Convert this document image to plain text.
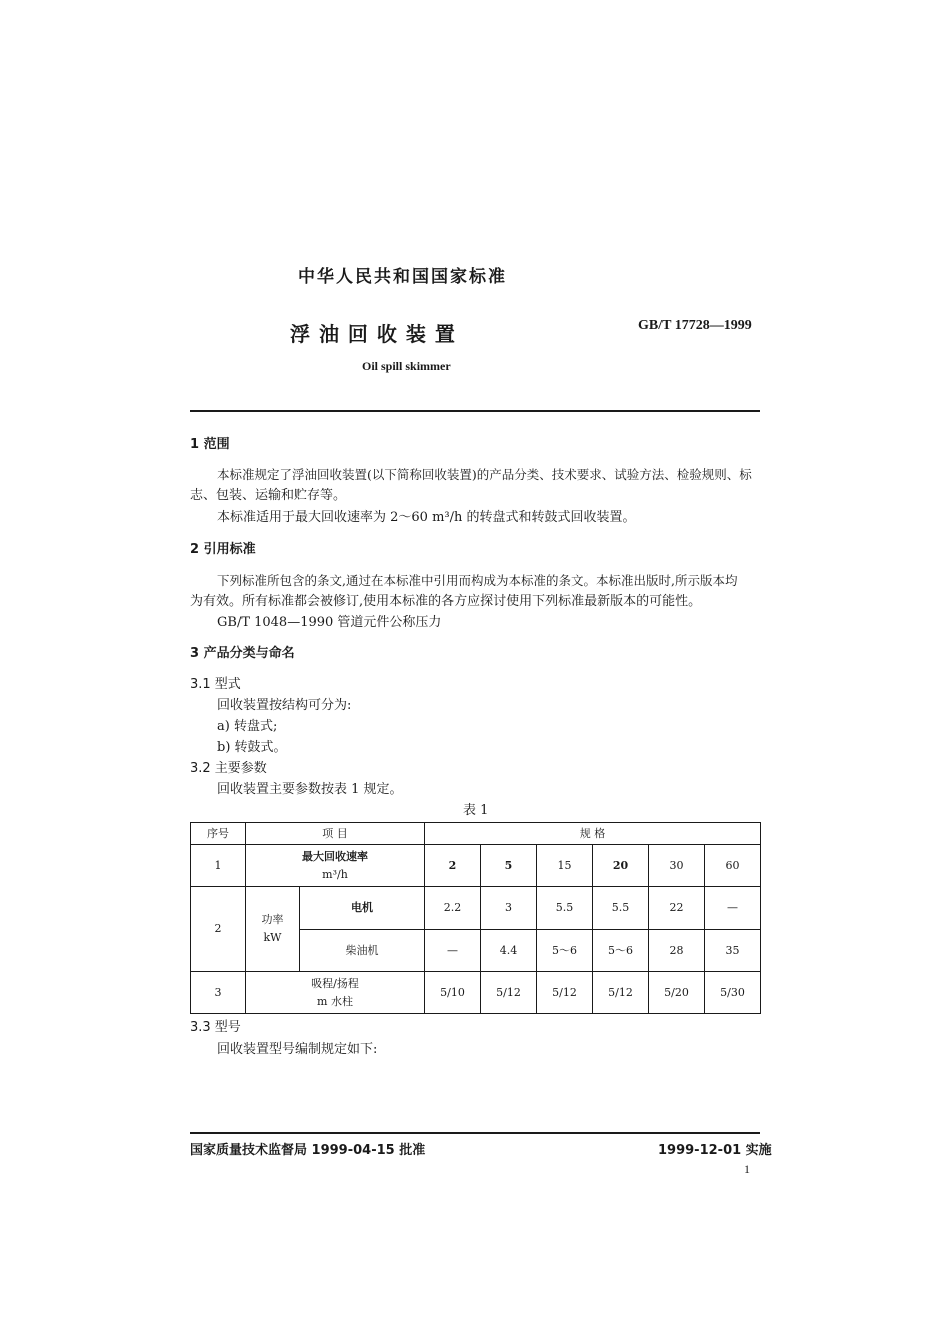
中华人民共和国国家标准
浮 油 回 收 装 置	GB/T 17728—1999
Oil spill skimmer
1 范围
本标准规定了浮油回收装置(以下简称回收装置)的产品分类、技术要求、试验方法、检验规则、标
志、包装、运输和贮存等。
本标准适用于最大回收速率为 2～60 m³/h 的转盘式和转鼓式回收装置。
2 引用标准
下列标准所包含的条文,通过在本标准中引用而构成为本标准的条文。本标准出版时,所示版本均
为有效。所有标准都会被修订,使用本标准的各方应探讨使用下列标准最新版本的可能性。
GB/T 1048—1990 管道元件公称压力
3 产品分类与命名
3.1 型式
回收装置按结构可分为:
a) 转盘式;
b) 转鼓式。
3.2 主要参数
回收装置主要参数按表 1 规定。
表 1
序号	项 目		规 格					
1	最大回收速率
m³/h		2	5	15	20	30	60
2	功率
kW	电机	2.2	3	5.5	5.5	22	—
		柴油机	—	4.4	5～6	5～6	28	35
3	吸程/扬程
m 水柱		5/10	5/12	5/12	5/12	5/20	5/30
3.3 型号
回收装置型号编制规定如下:
国家质量技术监督局 1999-04-15 批准	1999-12-01 实施
1
